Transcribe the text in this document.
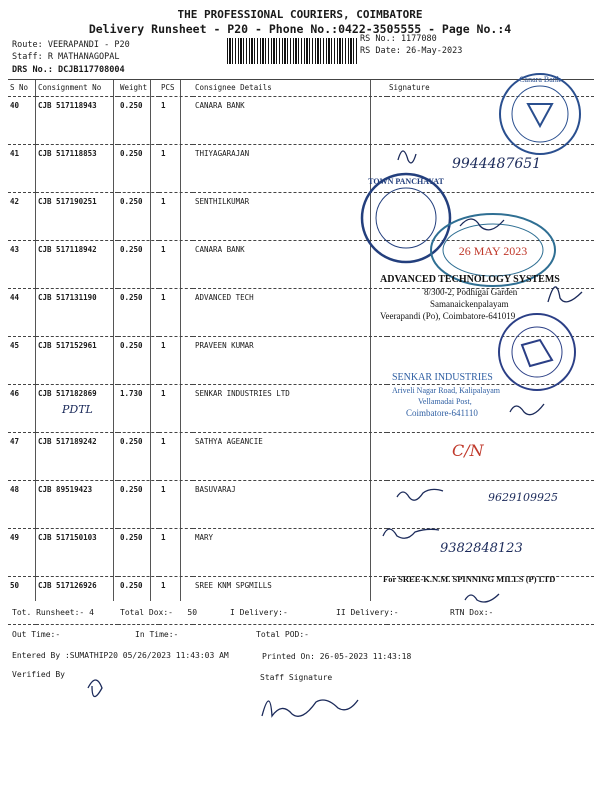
THE PROFESSIONAL COURIERS, COIMBATORE
Delivery Runsheet - P20 - Phone No.:0422-3505555 - Page No.:4
Route: VEERAPANDI - P20
Staff: R MATHANAGOPAL
DRS No.: DCJB117708004
RS No.: 1177080
RS Date: 26-May-2023
S No	Consignment No	Weight	PCS	Consignee Details	Signature
40	CJB 517118943	0.250	1	CANARA BANK	
41	CJB 517118853	0.250	1	THIYAGARAJAN	
42	CJB 517190251	0.250	1	SENTHILKUMAR	
43	CJB 517118942	0.250	1	CANARA BANK	
44	CJB 517131190	0.250	1	ADVANCED TECH	
45	CJB 517152961	0.250	1	PRAVEEN KUMAR	
46	CJB 517182869	1.730	1	SENKAR INDUSTRIES LTD	
47	CJB 517189242	0.250	1	SATHYA AGEANCIE	
48	CJB 89519423	0.250	1	BASUVARAJ	
49	CJB 517150103	0.250	1	MARY	
50	CJB 517126926	0.250	1	SREE KNM SPGMILLS	
Canara Bank
TOWN PANCHAYAT
26 MAY 2023
ADVANCED TECHNOLOGY SYSTEMS
8/300-2, Podhigai Garden
Samanaickenpalayam
Veerapandi (Po), Coimbatore-641019
SENKAR INDUSTRIES
Ariveli Nagar Road, Kalipalayam
Vellamadai Post,
Coimbatore-641110
For SREE-K.N.M. SPINNING MILLS (P) LTD
9944487651
PDTL
C/N
9629109925
9382848123
Tot. Runsheet:- 4	Total Dox:-   50	I Delivery:-	II Delivery:-	RTN Dox:-
Out Time:-	In Time:-	Total POD:-
Entered By :SUMATHIP20 05/26/2023 11:43:03 AM	Printed On: 26-05-2023 11:43:18
Verified By	Staff Signature
